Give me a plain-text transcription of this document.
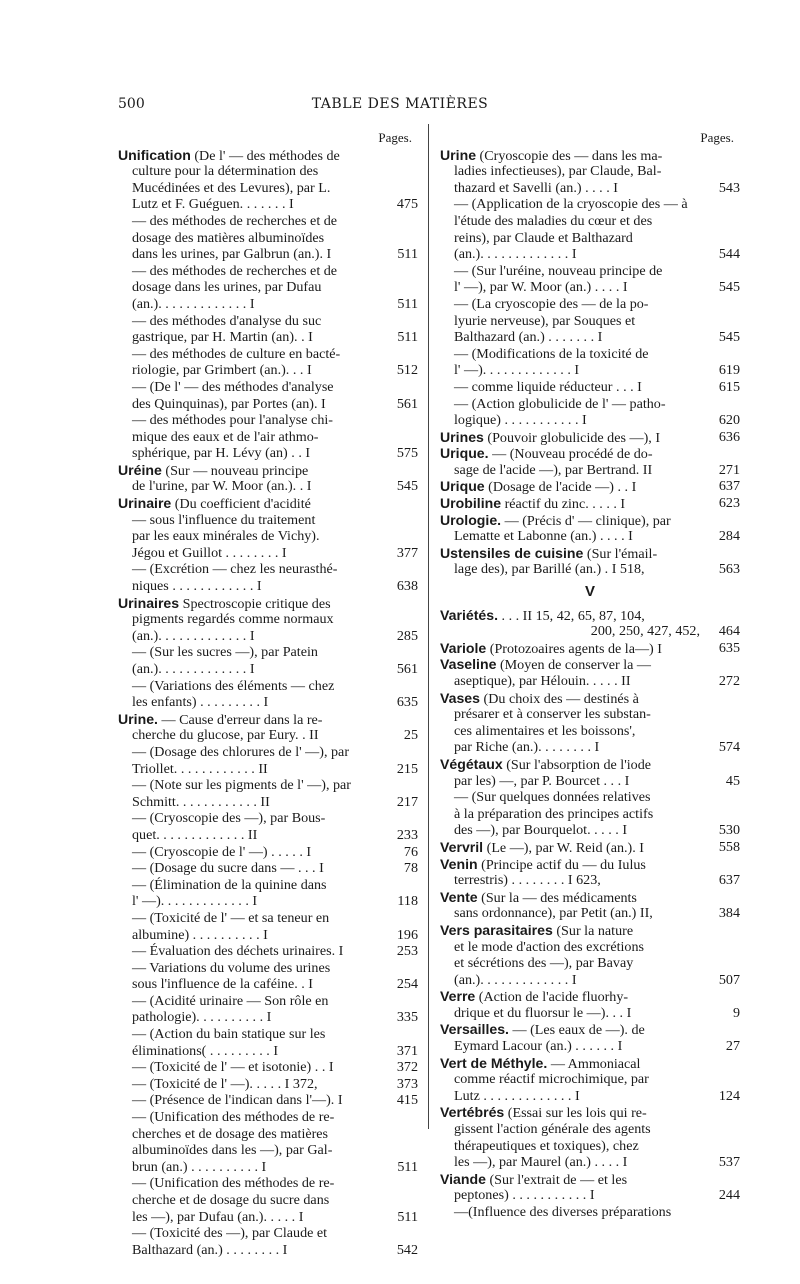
500	TABLE DES MATIÈRES
Pages.
Unification (De l' — des méthodes de
culture pour la détermination des
Mucédinées et des Levures), par L.
Lutz et F. Guéguen. . . . . . . I	475
— des méthodes de recherches et de
dosage des matières albuminoïdes
dans les urines, par Galbrun (an.). I	511
— des méthodes de recherches et de
dosage dans les urines, par Dufau
(an.). . . . . . . . . . . . . I	511
— des méthodes d'analyse du suc
gastrique, par H. Martin (an). . I	511
— des méthodes de culture en bacté-
riologie, par Grimbert (an.). . . I	512
— (De l' — des méthodes d'analyse
des Quinquinas), par Portes (an). I	561
— des méthodes pour l'analyse chi-
mique des eaux et de l'air athmo-
sphérique, par H. Lévy (an) . . I	575
Uréine (Sur — nouveau principe
de l'urine, par W. Moor (an.). . I	545
Urinaire (Du coefficient d'acidité
— sous l'influence du traitement
par les eaux minérales de Vichy).
Jégou et Guillot . . . . . . . . I	377
— (Excrétion — chez les neurasthé-
niques . . . . . . . . . . . . I	638
Urinaires Spectroscopie critique des
pigments regardés comme normaux
(an.). . . . . . . . . . . . . I	285
— (Sur les sucres —), par Patein
(an.). . . . . . . . . . . . . I	561
— (Variations des éléments — chez
les enfants) . . . . . . . . . I	635
Urine. — Cause d'erreur dans la re-
cherche du glucose, par Eury. . II	25
— (Dosage des chlorures de l' —), par
Triollet. . . . . . . . . . . . II	215
— (Note sur les pigments de l' —), par
Schmitt. . . . . . . . . . . . II	217
— (Cryoscopie des —), par Bous-
quet. . . . . . . . . . . . . II	233
— (Cryoscopie de l' —) . . . . . I	76
— (Dosage du sucre dans — . . . I	78
— (Élimination de la quinine dans
l' —). . . . . . . . . . . . . I	118
— (Toxicité de l' — et sa teneur en
albumine) . . . . . . . . . . I	196
— Évaluation des déchets urinaires. I	253
— Variations du volume des urines
sous l'influence de la caféine. . I	254
— (Acidité urinaire — Son rôle en
pathologie). . . . . . . . . . I	335
— (Action du bain statique sur les
éliminations( . . . . . . . . . I	371
— (Toxicité de l' — et isotonie) . . I	372
— (Toxicité de l' —). . . . . I 372,	373
— (Présence de l'indican dans l'—). I	415
— (Unification des méthodes de re-
cherches et de dosage des matières
albuminoïdes dans les —), par Gal-
brun (an.) . . . . . . . . . . I	511
— (Unification des méthodes de re-
cherche et de dosage du sucre dans
les —), par Dufau (an.). . . . . I	511
— (Toxicité des —), par Claude et
Balthazard (an.) . . . . . . . . I	542
Pages.
Urine (Cryoscopie des — dans les ma-
ladies infectieuses), par Claude, Bal-
thazard et Savelli (an.) . . . . I	543
— (Application de la cryoscopie des — à
l'étude des maladies du cœur et des
reins), par Claude et Balthazard
(an.). . . . . . . . . . . . . I	544
— (Sur l'uréine, nouveau principe de
l' —), par W. Moor (an.) . . . . I	545
— (La cryoscopie des — de la po-
lyurie nerveuse), par Souques et
Balthazard (an.) . . . . . . . I	545
— (Modifications de la toxicité de
l' —). . . . . . . . . . . . . I	619
— comme liquide réducteur . . . I	615
— (Action globulicide de l' — patho-
logique) . . . . . . . . . . . I	620
Urines (Pouvoir globulicide des —), I	636
Urique. — (Nouveau procédé de do-
sage de l'acide —), par Bertrand. II	271
Urique (Dosage de l'acide —) . . I	637
Urobiline réactif du zinc. . . . . I	623
Urologie. — (Précis d' — clinique), par
Lematte et Labonne (an.) . . . . I	284
Ustensiles de cuisine (Sur l'émail-
lage des), par Barillé (an.) . I 518,	563
V
Variétés. . . . II 15, 42, 65, 87, 104,
200, 250, 427, 452,	464
Variole (Protozoaires agents de la—) I	635
Vaseline (Moyen de conserver la —
aseptique), par Hélouin. . . . . II	272
Vases (Du choix des — destinés à
présarer et à conserver les substan-
ces alimentaires et les boissons',
par Riche (an.). . . . . . . . I	574
Végétaux (Sur l'absorption de l'iode
par les) —, par P. Bourcet . . . I	45
— (Sur quelques données relatives
à la préparation des principes actifs
des —), par Bourquelot. . . . . I	530
Vervril (Le —), par W. Reid (an.). I	558
Venin (Principe actif du — du Iulus
terrestris) . . . . . . . . I 623,	637
Vente (Sur la — des médicaments
sans ordonnance), par Petit (an.) II,	384
Vers parasitaires (Sur la nature
et le mode d'action des excrétions
et sécrétions des —), par Bavay
(an.). . . . . . . . . . . . . I	507
Verre (Action de l'acide fluorhy-
drique et du fluorsur le —). . . I	9
Versailles. — (Les eaux de —). de
Eymard Lacour (an.) . . . . . . I	27
Vert de Méthyle. — Ammoniacal
comme réactif microchimique, par
Lutz . . . . . . . . . . . . . I	124
Vertébrés (Essai sur les lois qui re-
gissent l'action générale des agents
thérapeutiques et toxiques), chez
les —), par Maurel (an.) . . . . I	537
Viande (Sur l'extrait de — et les
peptones) . . . . . . . . . . . I	244
—(Influence des diverses préparations
